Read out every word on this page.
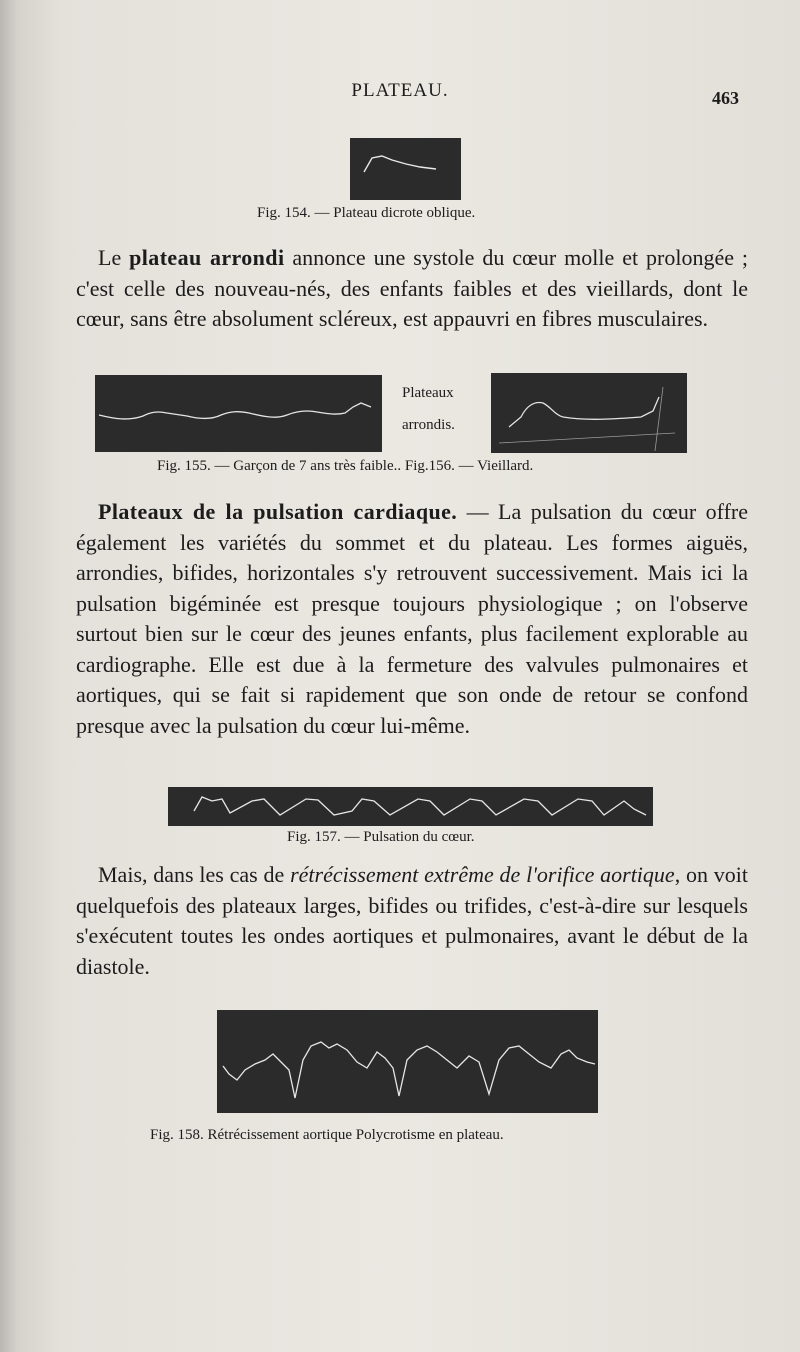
PLATEAU.	463
Fig. 154. — Plateau dicrote oblique.
Le plateau arrondi annonce une systole du cœur molle et prolongée ; c'est celle des nouveau-nés, des enfants faibles et des vieillards, dont le cœur, sans être absolument scléreux, est appauvri en fibres musculaires.
Plateaux
arrondis.
Fig. 155. — Garçon de 7 ans très faible.. Fig.156. — Vieillard.
Plateaux de la pulsation cardiaque. — La pulsation du cœur offre également les variétés du sommet et du plateau. Les formes aiguës, arrondies, bifides, horizontales s'y retrouvent successivement. Mais ici la pulsation bigéminée est presque toujours physiologique ; on l'observe surtout bien sur le cœur des jeunes enfants, plus facilement explorable au cardiographe. Elle est due à la fermeture des valvules pulmonaires et aortiques, qui se fait si rapidement que son onde de retour se confond presque avec la pulsation du cœur lui-même.
Fig. 157. — Pulsation du cœur.
Mais, dans les cas de rétrécissement extrême de l'orifice aortique, on voit quelquefois des plateaux larges, bifides ou trifides, c'est-à-dire sur lesquels s'exécutent toutes les ondes aortiques et pulmonaires, avant le début de la diastole.
Fig. 158. Rétrécissement aortique Polycrotisme en plateau.
